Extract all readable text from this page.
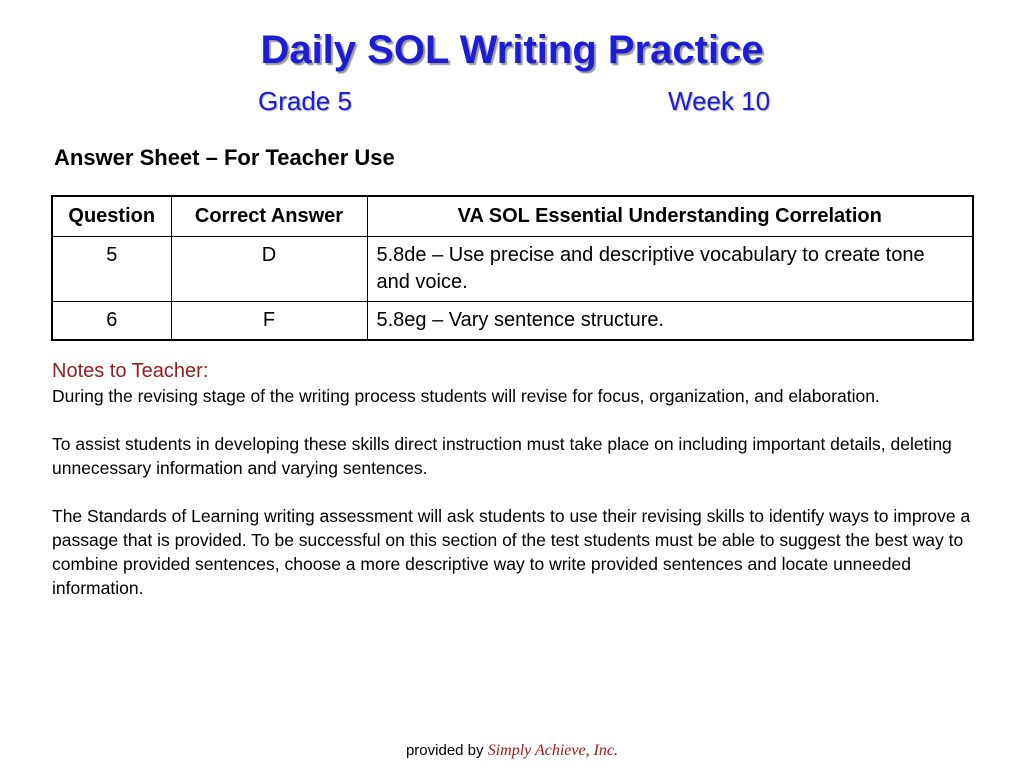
Daily SOL Writing Practice
Grade 5	Week 10
Answer Sheet – For Teacher Use
Question	Correct Answer	VA SOL Essential Understanding Correlation
5	D	5.8de – Use precise and descriptive vocabulary to create tone and voice.
6	F	5.8eg – Vary sentence structure.
Notes to Teacher:

During the revising stage of the writing process students will revise for focus, organization, and elaboration.

To assist students in developing these skills direct instruction must take place on including important details, deleting unnecessary information and varying sentences.

The Standards of Learning writing assessment will ask students to use their revising skills to identify ways to improve a passage that is provided. To be successful on this section of the test students must be able to suggest the best way to combine provided sentences, choose a more descriptive way to write provided sentences and locate unneeded information.

provided by Simply Achieve, Inc.
